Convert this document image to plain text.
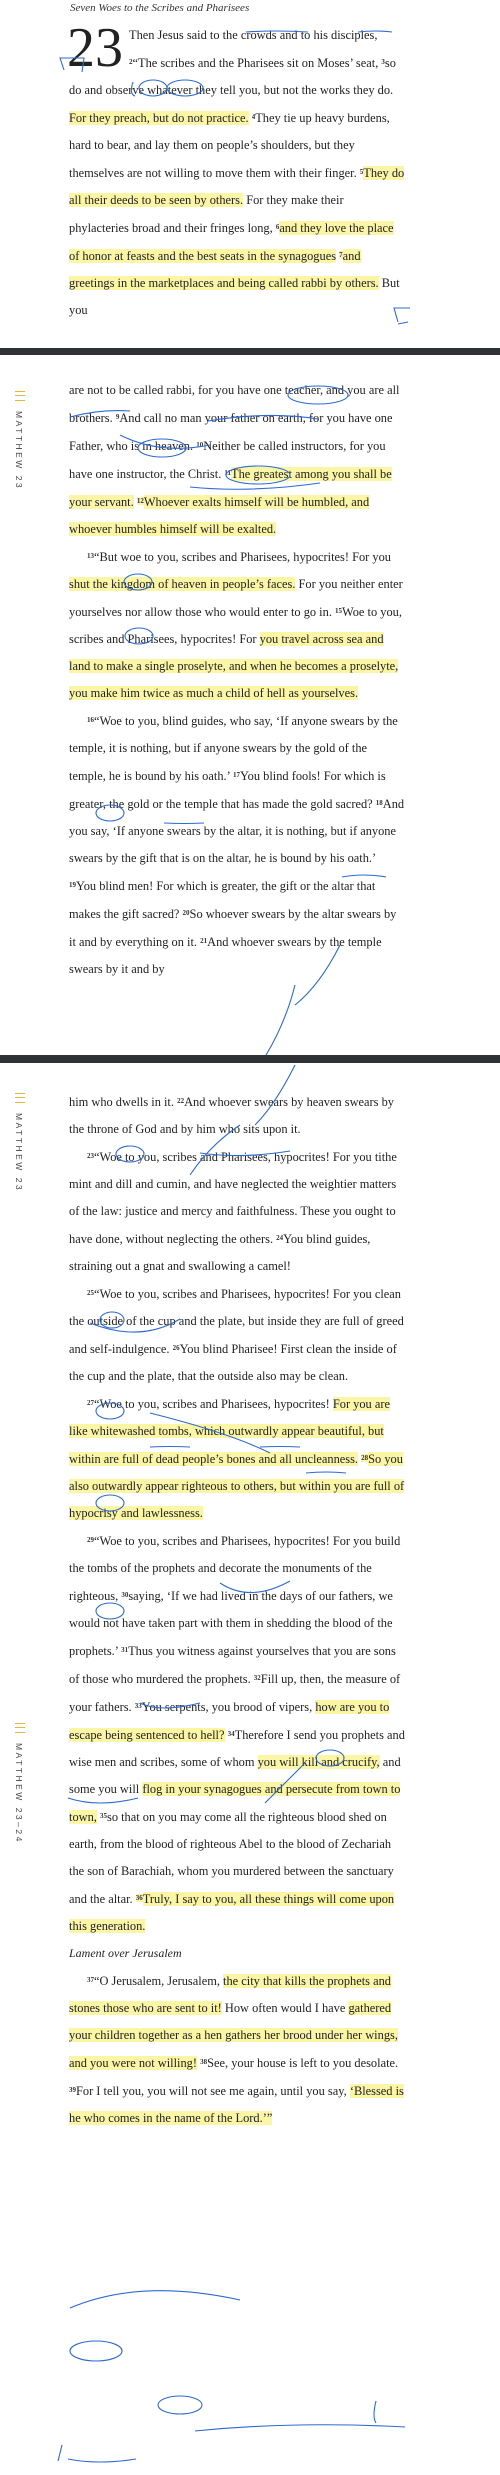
Seven Woes to the Scribes and Pharisees

23 Then Jesus said to the crowds and to his disciples, $^2$“The scribes and the Pharisees sit on Moses’ seat, $^3$so do and observe whatever they tell you, but not the works they do. For they preach, but do not practice. $^4$They tie up heavy burdens, hard to bear, and lay them on people’s shoulders, but they themselves are not willing to move them with their finger. $^5$They do all their deeds to be seen by others. For they make their phylacteries broad and their fringes long, $^6$and they love the place of honor at feasts and the best seats in the synagogues $^7$and greetings in the marketplaces and being called rabbi by others. But you

MATTHEW 23

are not to be called rabbi, for you have one teacher, and you are all brothers. $^9$And call no man your father on earth, for you have one Father, who is in heaven. $^{10}$Neither be called instructors, for you have one instructor, the Christ. $^{11}$The greatest among you shall be your servant. $^{12}$Whoever exalts himself will be humbled, and whoever humbles himself will be exalted.

$^{13}$“But woe to you, scribes and Pharisees, hypocrites! For you shut the kingdom of heaven in people’s faces. For you neither enter yourselves nor allow those who would enter to go in. $^{15}$Woe to you, scribes and Pharisees, hypocrites! For you travel across sea and land to make a single proselyte, and when he becomes a proselyte, you make him twice as much a child of hell as yourselves.

$^{16}$“Woe to you, blind guides, who say, ‘If anyone swears by the temple, it is nothing, but if anyone swears by the gold of the temple, he is bound by his oath.’ $^{17}$You blind fools! For which is greater, the gold or the temple that has made the gold sacred? $^{18}$And you say, ‘If anyone swears by the altar, it is nothing, but if anyone swears by the gift that is on the altar, he is bound by his oath.’ $^{19}$You blind men! For which is greater, the gift or the altar that makes the gift sacred? $^{20}$So whoever swears by the altar swears by it and by everything on it. $^{21}$And whoever swears by the temple swears by it and by

MATTHEW 23
MATTHEW 23–24

him who dwells in it. $^{22}$And whoever swears by heaven swears by the throne of God and by him who sits upon it.

$^{23}$“Woe to you, scribes and Pharisees, hypocrites! For you tithe mint and dill and cumin, and have neglected the weightier matters of the law: justice and mercy and faithfulness. These you ought to have done, without neglecting the others. $^{24}$You blind guides, straining out a gnat and swallowing a camel!

$^{25}$“Woe to you, scribes and Pharisees, hypocrites! For you clean the outside of the cup and the plate, but inside they are full of greed and self-indulgence. $^{26}$You blind Pharisee! First clean the inside of the cup and the plate, that the outside also may be clean.

$^{27}$“Woe to you, scribes and Pharisees, hypocrites! For you are like whitewashed tombs, which outwardly appear beautiful, but within are full of dead people’s bones and all uncleanness. $^{28}$So you also outwardly appear righteous to others, but within you are full of hypocrisy and lawlessness.

$^{29}$“Woe to you, scribes and Pharisees, hypocrites! For you build the tombs of the prophets and decorate the monuments of the righteous, $^{30}$saying, ‘If we had lived in the days of our fathers, we would not have taken part with them in shedding the blood of the prophets.’ $^{31}$Thus you witness against yourselves that you are sons of those who murdered the prophets. $^{32}$Fill up, then, the measure of your fathers. $^{33}$You serpents, you brood of vipers, how are you to escape being sentenced to hell? $^{34}$Therefore I send you prophets and wise men and scribes, some of whom you will kill and crucify, and some you will flog in your synagogues and persecute from town to town, $^{35}$so that on you may come all the righteous blood shed on earth, from the blood of righteous Abel to the blood of Zechariah the son of Barachiah, whom you murdered between the sanctuary and the altar. $^{36}$Truly, I say to you, all these things will come upon this generation.

Lament over Jerusalem

$^{37}$“O Jerusalem, Jerusalem, the city that kills the prophets and stones those who are sent to it! How often would I have gathered your children together as a hen gathers her brood under her wings, and you were not willing! $^{38}$See, your house is left to you desolate. $^{39}$For I tell you, you will not see me again, until you say, ‘Blessed is he who comes in the name of the Lord.’”
